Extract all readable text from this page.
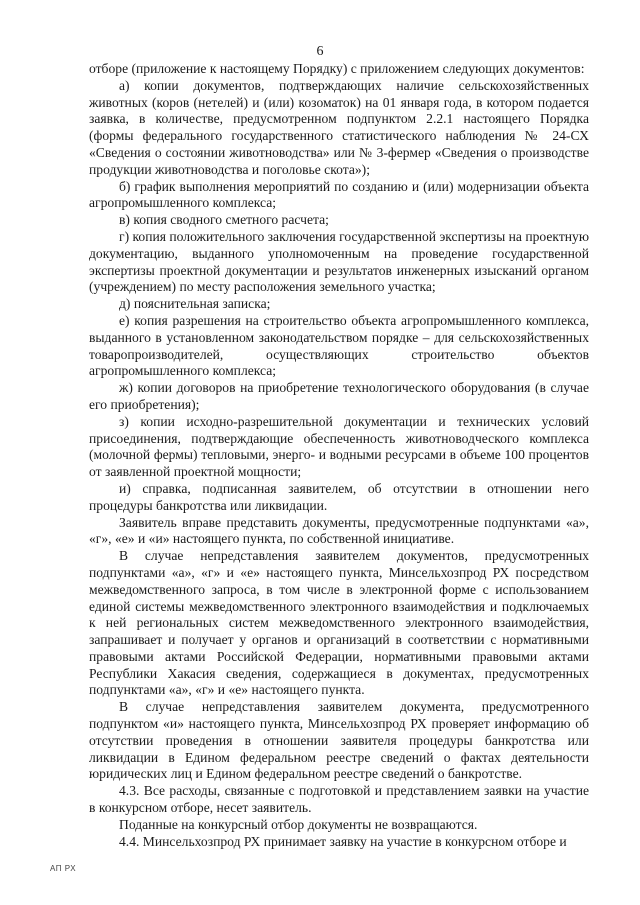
6

отборе (приложение к настоящему Порядку) с приложением следующих документов:

а) копии документов, подтверждающих наличие сельскохозяйственных животных (коров (нетелей) и (или) козоматок) на 01 января года, в котором подается заявка, в количестве, предусмотренном подпунктом 2.2.1 настоящего Порядка (формы федерального государственного статистического наблюдения № 24-СХ «Сведения о состоянии животноводства» или № 3-фермер «Сведения о производстве продукции животноводства и поголовье скота»);

б) график выполнения мероприятий по созданию и (или) модернизации объекта агропромышленного комплекса;

в) копия сводного сметного расчета;

г) копия положительного заключения государственной экспертизы на проектную документацию, выданного уполномоченным на проведение государственной экспертизы проектной документации и результатов инженерных изысканий органом (учреждением) по месту расположения земельного участка;

д) пояснительная записка;

е) копия разрешения на строительство объекта агропромышленного комплекса, выданного в установленном законодательством порядке – для сельскохозяйственных товаропроизводителей, осуществляющих строительство объектов агропромышленного комплекса;

ж) копии договоров на приобретение технологического оборудования (в случае его приобретения);

з) копии исходно-разрешительной документации и технических условий присоединения, подтверждающие обеспеченность животноводческого комплекса (молочной фермы) тепловыми, энерго- и водными ресурсами в объеме 100 процентов от заявленной проектной мощности;

и) справка, подписанная заявителем, об отсутствии в отношении него процедуры банкротства или ликвидации.

Заявитель вправе представить документы, предусмотренные подпунктами «а», «г», «е» и «и» настоящего пункта, по собственной инициативе.

В случае непредставления заявителем документов, предусмотренных подпунктами «а», «г» и «е» настоящего пункта, Минсельхозпрод РХ посредством межведомственного запроса, в том числе в электронной форме с использованием единой системы межведомственного электронного взаимодействия и подключаемых к ней региональных систем межведомственного электронного взаимодействия, запрашивает и получает у органов и организаций в соответствии с нормативными правовыми актами Российской Федерации, нормативными правовыми актами Республики Хакасия сведения, содержащиеся в документах, предусмотренных подпунктами «а», «г» и «е» настоящего пункта.

В случае непредставления заявителем документа, предусмотренного подпунктом «и» настоящего пункта, Минсельхозпрод РХ проверяет информацию об отсутствии проведения в отношении заявителя процедуры банкротства или ликвидации в Едином федеральном реестре сведений о фактах деятельности юридических лиц и Едином федеральном реестре сведений о банкротстве.

4.3. Все расходы, связанные с подготовкой и представлением заявки на участие в конкурсном отборе, несет заявитель.

Поданные на конкурсный отбор документы не возвращаются.

4.4. Минсельхозпрод РХ принимает заявку на участие в конкурсном отборе и

АП РХ
